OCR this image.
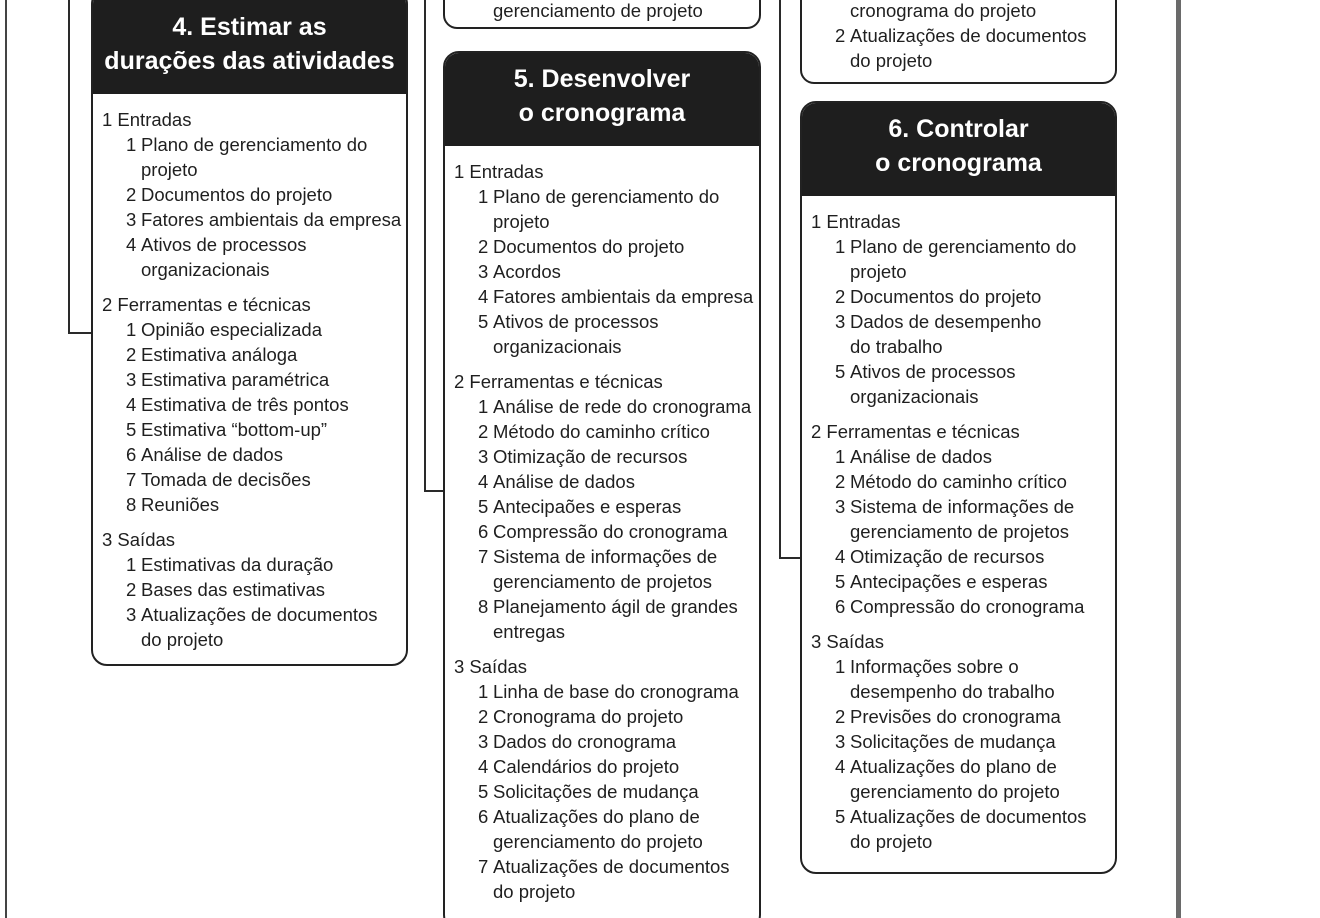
gerenciamento de projeto	cronograma do projeto
2 Atualizações de documentos
do projeto
4. Estimar as
durações das atividades
1 Entradas
1 Plano de gerenciamento do
projeto
2 Documentos do projeto
3 Fatores ambientais da empresa
4 Ativos de processos
organizacionais
2 Ferramentas e técnicas
1 Opinião especializada
2 Estimativa análoga
3 Estimativa paramétrica
4 Estimativa de três pontos
5 Estimativa “bottom-up”
6 Análise de dados
7 Tomada de decisões
8 Reuniões
3 Saídas
1 Estimativas da duração
2 Bases das estimativas
3 Atualizações de documentos
do projeto
5. Desenvolver
o cronograma
1 Entradas
1 Plano de gerenciamento do
projeto
2 Documentos do projeto
3 Acordos
4 Fatores ambientais da empresa
5 Ativos de processos
organizacionais
2 Ferramentas e técnicas
1 Análise de rede do cronograma
2 Método do caminho crítico
3 Otimização de recursos
4 Análise de dados
5 Antecipaões e esperas
6 Compressão do cronograma
7 Sistema de informações de
gerenciamento de projetos
8 Planejamento ágil de grandes
entregas
3 Saídas
1 Linha de base do cronograma
2 Cronograma do projeto
3 Dados do cronograma
4 Calendários do projeto
5 Solicitações de mudança
6 Atualizações do plano de
gerenciamento do projeto
7 Atualizações de documentos
do projeto
6. Controlar
o cronograma
1 Entradas
1 Plano de gerenciamento do
projeto
2 Documentos do projeto
3 Dados de desempenho
do trabalho
5 Ativos de processos
organizacionais
2 Ferramentas e técnicas
1 Análise de dados
2 Método do caminho crítico
3 Sistema de informações de
gerenciamento de projetos
4 Otimização de recursos
5 Antecipações e esperas
6 Compressão do cronograma
3 Saídas
1 Informações sobre o
desempenho do trabalho
2 Previsões do cronograma
3 Solicitações de mudança
4 Atualizações do plano de
gerenciamento do projeto
5 Atualizações de documentos
do projeto
